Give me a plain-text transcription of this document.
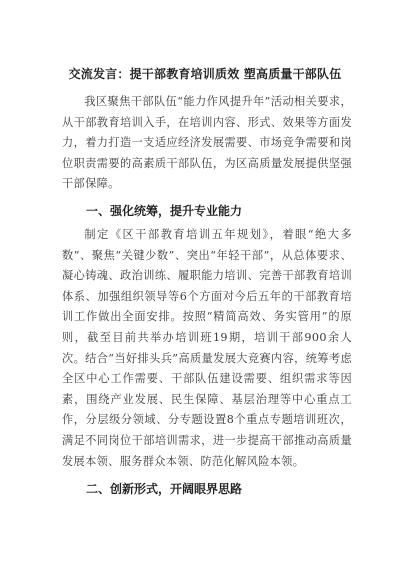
交流发言：提干部教育培训质效 塑高质量干部队伍

我区聚焦干部队伍“能力作风提升年”活动相关要求，从干部教育培训入手，在培训内容、形式、效果等方面发力，着力打造一支适应经济发展需要、市场竞争需要和岗位职责需要的高素质干部队伍，为区高质量发展提供坚强干部保障。

一、强化统筹，提升专业能力

制定《区干部教育培训五年规划》，着眼“绝大多数”、聚焦“关键少数”、突出“年轻干部”，从总体要求、凝心铸魂、政治训练、履职能力培训、完善干部教育培训体系、加强组织领导等6个方面对今后五年的干部教育培训工作做出全面安排。按照“精简高效、务实管用”的原则，截至目前共举办培训班19期，培训干部900余人次。结合“当好排头兵”高质量发展大竞赛内容，统筹考虑全区中心工作需要、干部队伍建设需要、组织需求等因素，围绕产业发展、民生保障、基层治理等中心重点工作，分层级分领域、分专题设置8个重点专题培训班次，满足不同岗位干部培训需求，进一步提高干部推动高质量发展本领、服务群众本领、防范化解风险本领。

二、创新形式，开阔眼界思路
